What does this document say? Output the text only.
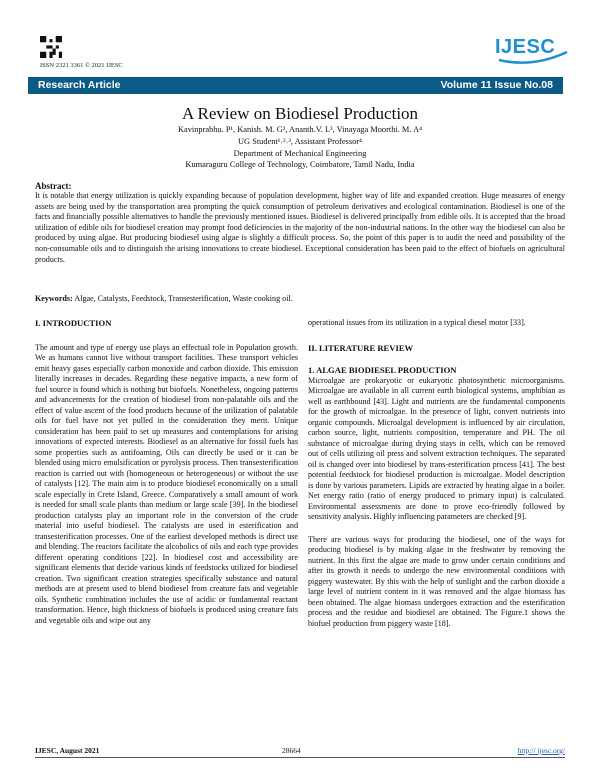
ISSN 2321 3361 © 2021 IJESC
IJESC
Research Article	Volume 11 Issue No.08
A Review on Biodiesel Production
Kavinprabhu. P¹, Kanish. M. G², Ananth.V. L³, Vinayaga Moorthi. M. A⁴
UG Student¹˒²˒³, Assistant Professor⁴
Department of Mechanical Engineering
Kumaraguru College of Technology, Coimbatore, Tamil Nadu, India
Abstract:
It is notable that energy utilization is quickly expanding because of population development, higher way of life and expanded creation. Huge measures of energy assets are being used by the transportation area prompting the quick consumption of petroleum derivatives and ecological contamination. Biodiesel is one of the facts and financially possible alternatives to handle the previously mentioned issues. Biodiesel is delivered principally from edible oils. It is accepted that the broad utilization of edible oils for biodiesel creation may prompt food deficiencies in the majority of the non-industrial nations. In the other way the biodiesel can also be produced by using algae. But producing biodiesel using algae is slightly a difficult process. So, the point of this paper is to audit the need and possibility of the non-consumable oils and to distinguish the arising innovations to create biodiesel. Exceptional consideration has been paid to the effect of biofuels on agricultural products.
Keywords: Algae, Catalysts, Feedstock, Transesterification, Waste cooking oil.

I. INTRODUCTION

The amount and type of energy use plays an effectual role in Population growth. We as humans cannot live without transport facilities. These transport vehicles emit heavy gases especially carbon monoxide and carbon dioxide. This emission literally increases in decades. Regarding these negative impacts, a new form of fuel source is found which is nothing but biofuels. Nonetheless, ongoing patterns and advancements for the creation of biodiesel from non-palatable oils and the effect of value ascent of the food products because of the utilization of palatable oils for fuel have not yet pulled in the consideration they merit. Unique consideration has been paid to set up measures and contemplations for arising innovations of expected interests. Biodiesel as an alternative for fossil fuels has some properties such as antifoaming, Oils can directly be used or it can be blended using micro emulsification or pyrolysis process. Then transesterification reaction is carried out with (homogeneous or heterogeneous) or without the use of catalysts [12]. The main aim is to produce biodiesel economically on a small scale especially in Crete Island, Greece. Comparatively a small amount of work is needed for small scale plants than medium or large scale [39]. In the biodiesel production catalysts play an important role in the conversion of the crude material into useful biodiesel. The catalysts are used in esterification and transesterification processes. One of the earliest developed methods is direct use and blending. The reactors facilitate the alcoholics of oils and each type provides different operating conditions [22]. In biodiesel cost and accessibility are significant elements that decide various kinds of feedstocks utilized for biodiesel creation. Two significant creation strategies specifically substance and natural methods are at present used to blend biodiesel from creature fats and vegetable oils. Synthetic combination includes the use of acidic or fundamental reactant transformation. Hence, high thickness of biofuels is produced using creature fats and vegetable oils and wipe out any

operational issues from its utilization in a typical diesel motor [33].

II. LITERATURE REVIEW

1. ALGAE BIODIESEL PRODUCTION

Microalgae are prokaryotic or eukaryotic photosynthetic microorganisms. Microalgae are available in all current earth biological systems, amphibian as well as earthbound [43]. Light and nutrients are the fundamental components for the growth of microalgae. In the presence of light, convert nutrients into organic compounds. Microalgal development is influenced by air circulation, carbon source, light, nutrients composition, temperature and PH. The oil substance of microalgae during drying stays in cells, which can be removed out of cells utilizing oil press and solvent extraction techniques. The separated oil is changed over into biodiesel by trans-esterification process [41]. The best potential feedstock for biodiesel production is microalgae. Model description is done by various parameters. Lipids are extracted by heating algae in a boiler. Net energy ratio (ratio of energy produced to primary input) is calculated. Environmental assessments are done to prove eco-friendly followed by sensitivity analysis. Highly influencing parameters are checked [9].

There are various ways for producing the biodiesel, one of the ways for producing biodiesel is by making algae in the freshwater by removing the nutrient. In this first the algae are made to grow under certain conditions and after its growth it needs to undergo the new environmental conditions with piggery wastewater. By this with the help of sunlight and the carbon dioxide a large level of nutrient content in it was removed and the algae biomass has been obtained. The algae biomass undergoes extraction and the esterification process and the residue and biodiesel are obtained. The Figure.1 shows the biofuel production from piggery waste [18].

IJESC, August 2021	28664	http:// ijesc.org/
